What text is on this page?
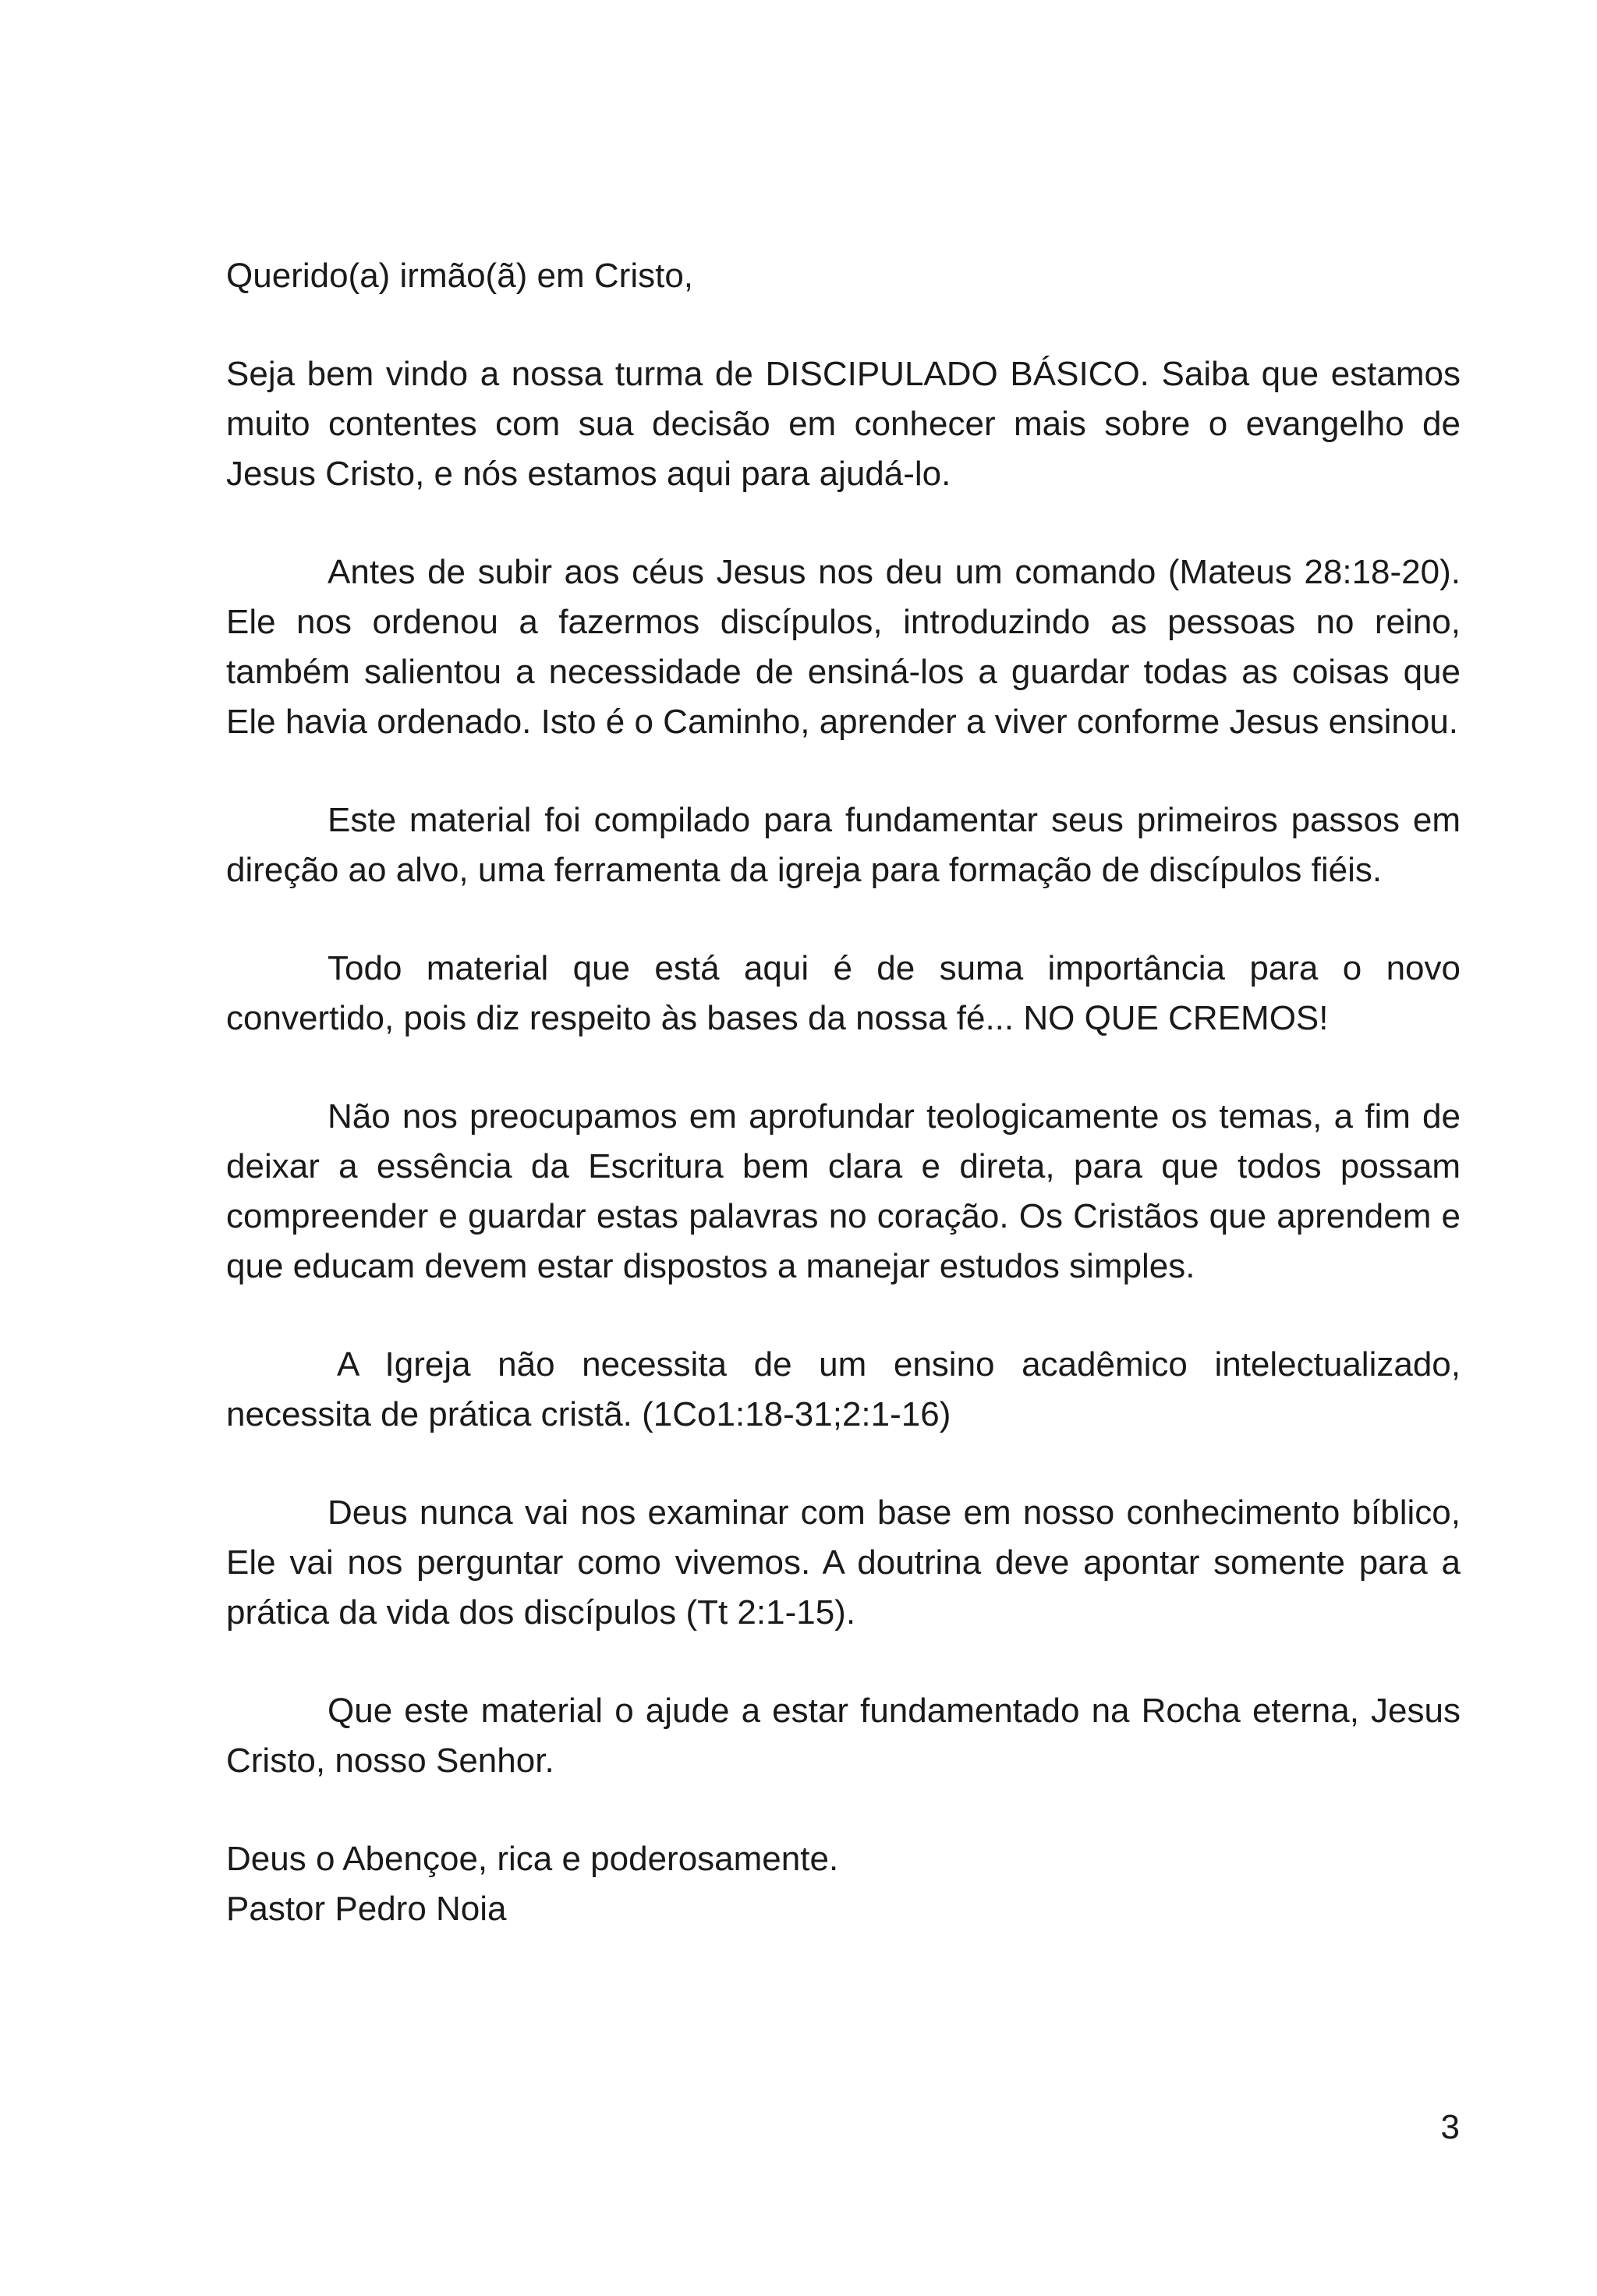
Querido(a) irmão(ã) em Cristo,

Seja bem vindo a nossa turma de DISCIPULADO BÁSICO. Saiba que estamos muito contentes com sua decisão em conhecer mais sobre o evangelho de Jesus Cristo, e nós estamos aqui para ajudá-lo.

Antes de subir aos céus Jesus nos deu um comando (Mateus 28:18-20). Ele nos ordenou a fazermos discípulos, introduzindo as pessoas no reino, também salientou a necessidade de ensiná-los a guardar todas as coisas que Ele havia ordenado. Isto é o Caminho, aprender a viver conforme Jesus ensinou.

Este material foi compilado para fundamentar seus primeiros passos em direção ao alvo, uma ferramenta da igreja para formação de discípulos fiéis.

Todo material que está aqui é de suma importância para o novo convertido, pois diz respeito às bases da nossa fé... NO QUE CREMOS!

Não nos preocupamos em aprofundar teologicamente os temas, a fim de deixar a essência da Escritura bem clara e direta, para que todos possam compreender e guardar estas palavras no coração. Os Cristãos que aprendem e que educam devem estar dispostos a manejar estudos simples.

A Igreja não necessita de um ensino acadêmico intelectualizado, necessita de prática cristã. (1Co1:18-31;2:1-16)

Deus nunca vai nos examinar com base em nosso conhecimento bíblico, Ele vai nos perguntar como vivemos. A doutrina deve apontar somente para a prática da vida dos discípulos (Tt 2:1-15).

Que este material o ajude a estar fundamentado na Rocha eterna, Jesus Cristo, nosso Senhor.

Deus o Abençoe, rica e poderosamente.

Pastor Pedro Noia

3
